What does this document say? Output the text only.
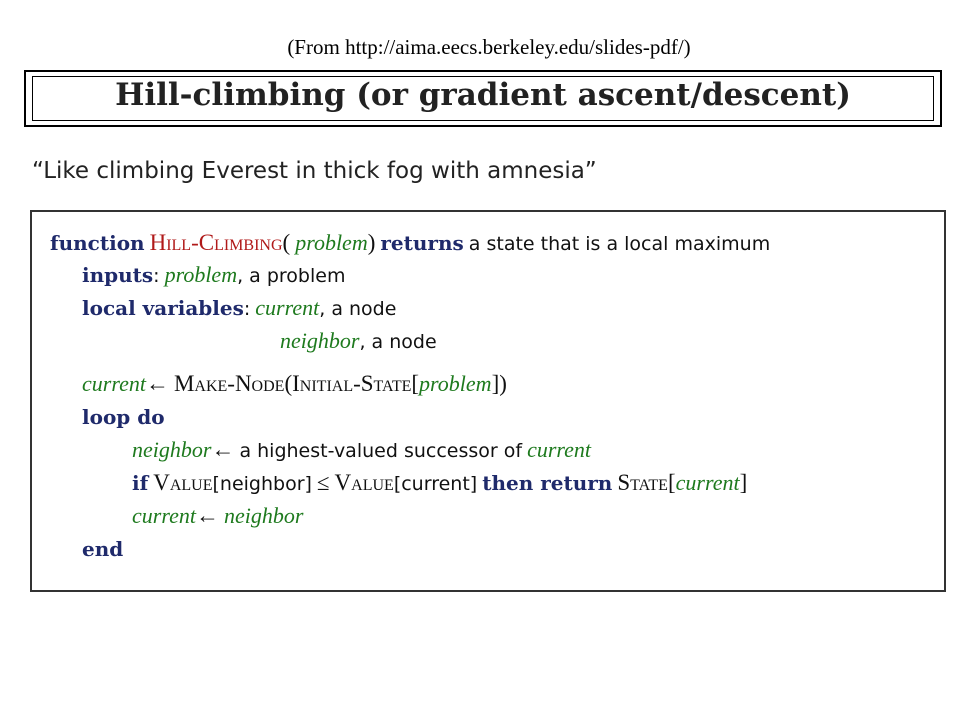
(From http://aima.eecs.berkeley.edu/slides-pdf/)
Hill-climbing (or gradient ascent/descent)
“Like climbing Everest in thick fog with amnesia”
function Hill-Climbing( problem) returns a state that is a local maximum
inputs: problem, a problem
local variables: current, a node
neighbor, a node
current← Make-Node(Initial-State[problem])
loop do
neighbor← a highest-valued successor of current
if Value[neighbor] ≤ Value[current] then return State[current]
current← neighbor
end
